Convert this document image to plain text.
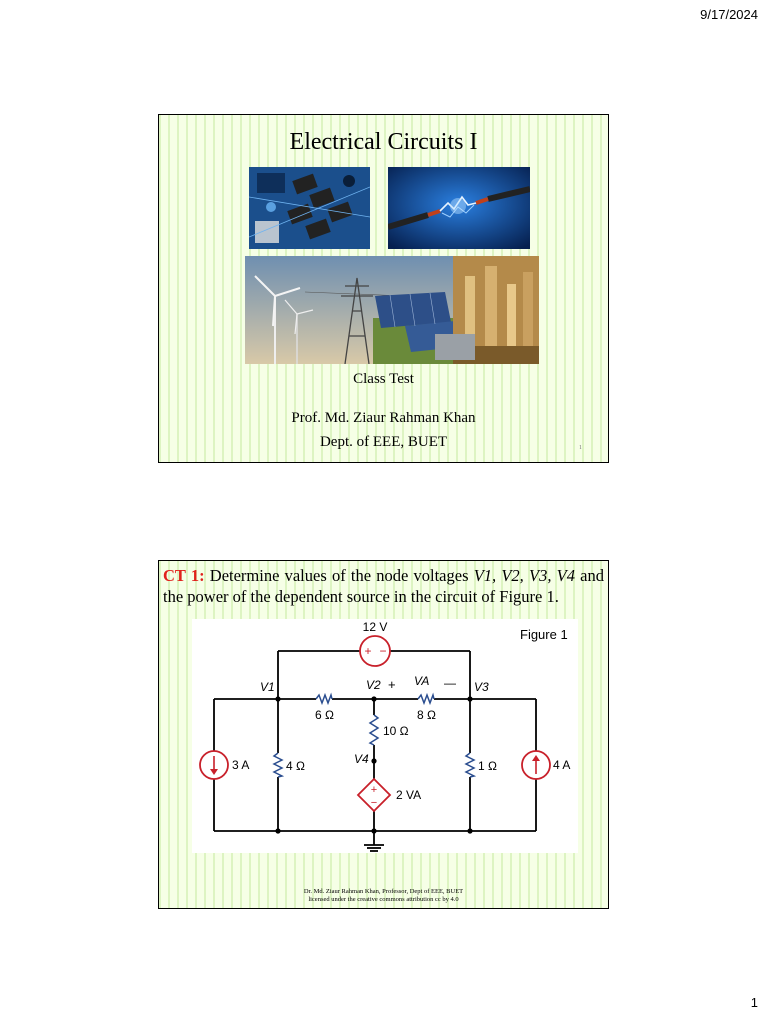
9/17/2024
Electrical Circuits I
Class Test
Prof. Md. Ziaur Rahman Khan
Dept. of EEE, BUET	1
CT 1: Determine values of the node voltages V1, V2, V3, V4 and the power of the dependent source in the circuit of Figure 1.
+ −
12 V
3 A	4 A
+
−
2 VA
V1	V2 + VA — V3
V4
6 Ω	8 Ω
10 Ω
4 Ω	1 Ω
Figure 1
Dr. Md. Ziaur Rahman Khan, Professor, Dept of EEE, BUET
licensed under the creative commons attribution cc by 4.0
1
